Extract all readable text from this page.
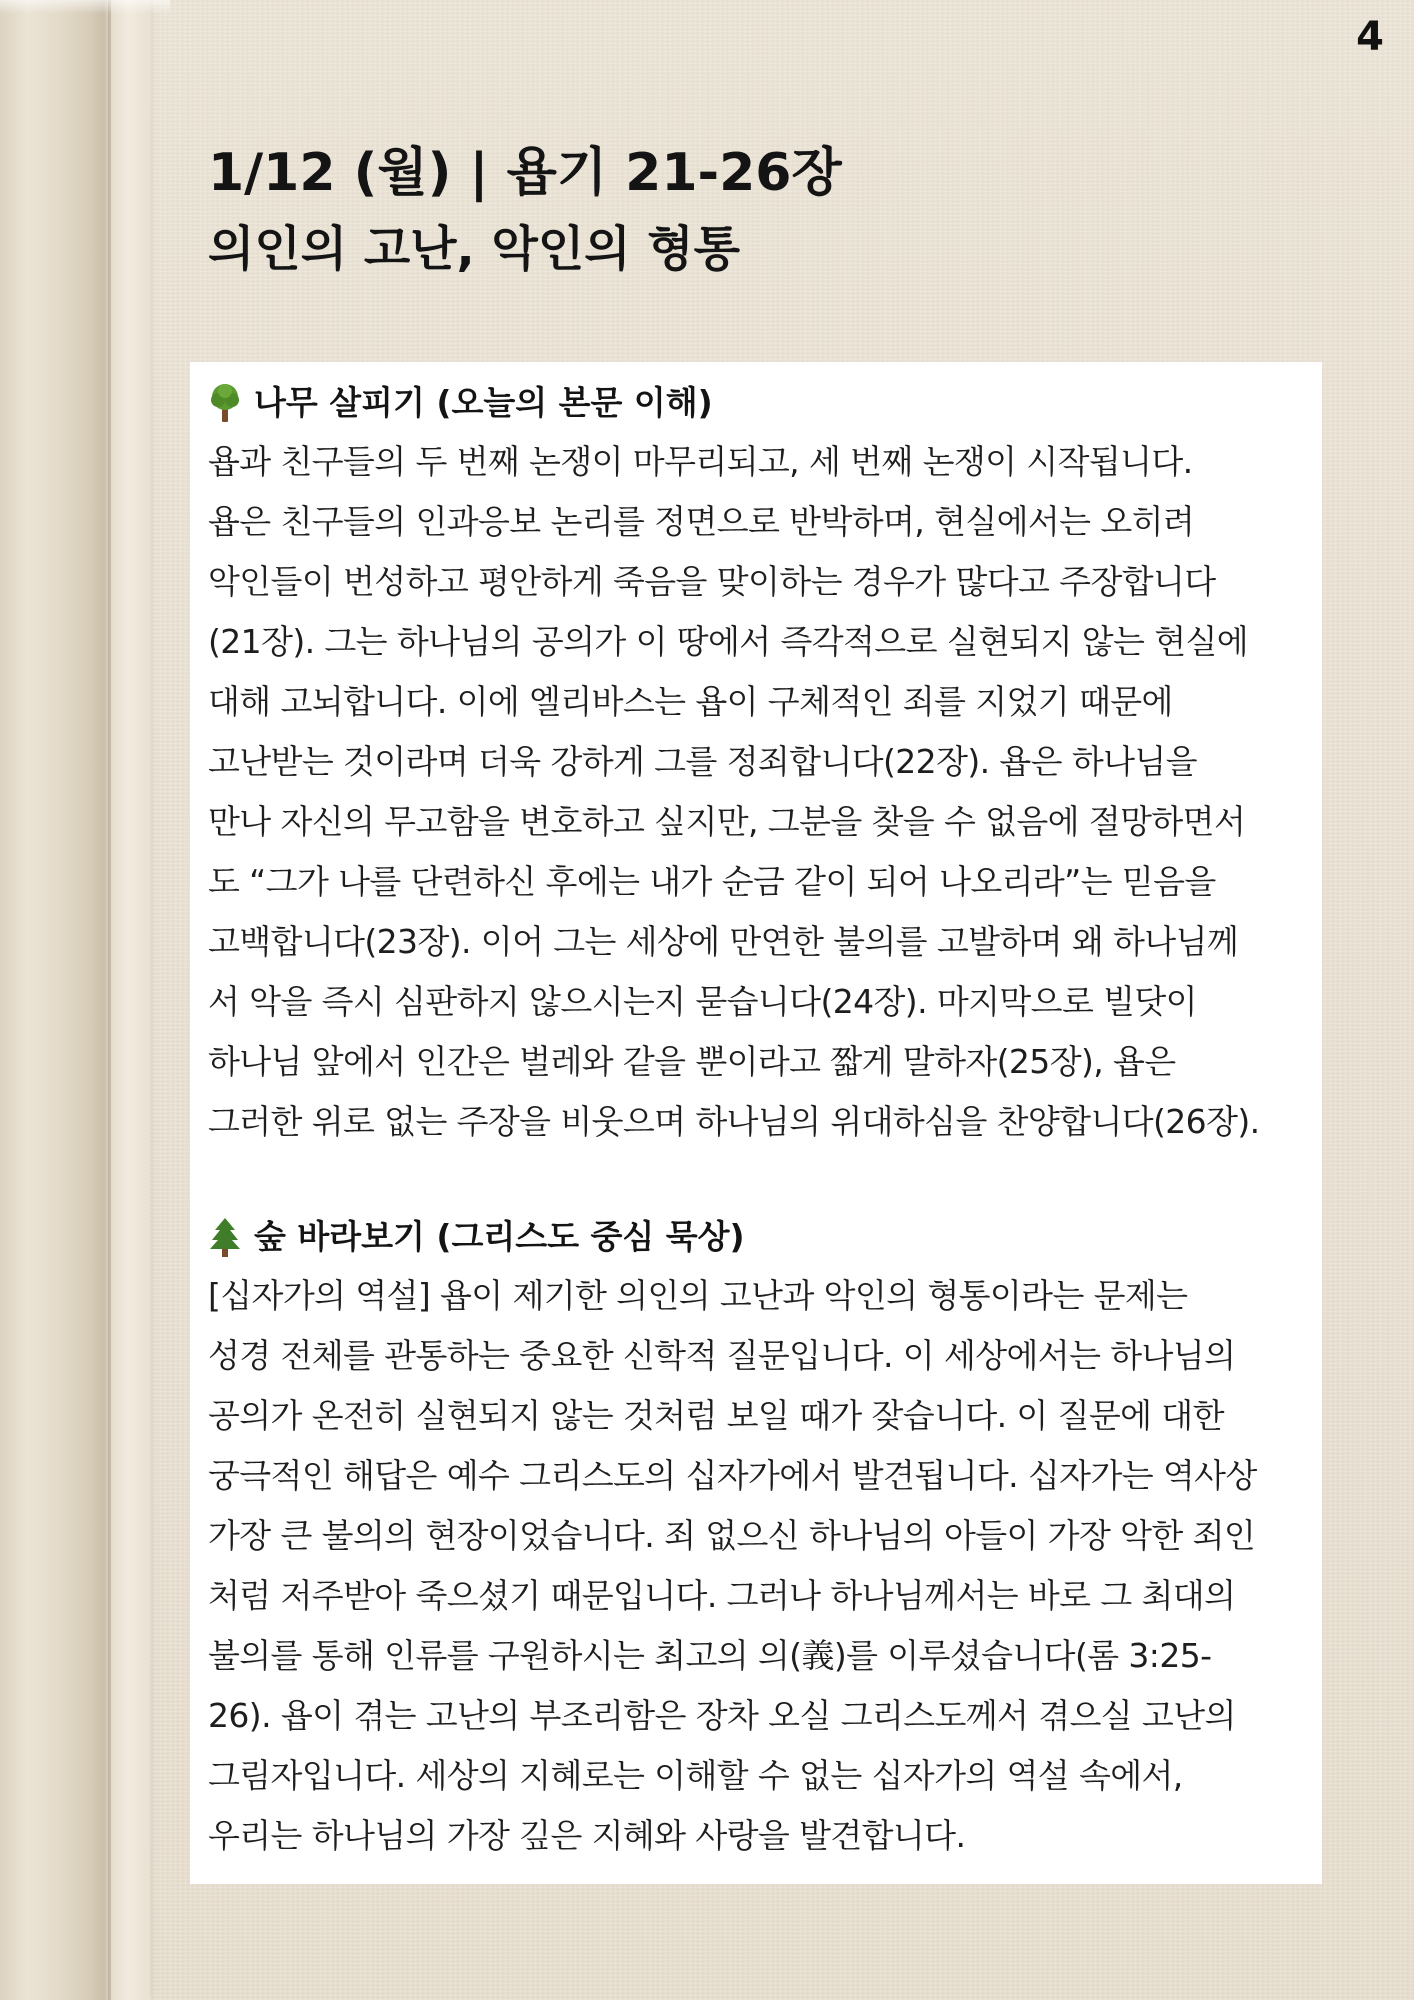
4
1/12 (월) | 욥기 21-26장
의인의 고난, 악인의 형통
나무 살피기 (오늘의 본문 이해)
욥과 친구들의 두 번째 논쟁이 마무리되고, 세 번째 논쟁이 시작됩니다.
욥은 친구들의 인과응보 논리를 정면으로 반박하며, 현실에서는 오히려
악인들이 번성하고 평안하게 죽음을 맞이하는 경우가 많다고 주장합니다
(21장). 그는 하나님의 공의가 이 땅에서 즉각적으로 실현되지 않는 현실에
대해 고뇌합니다. 이에 엘리바스는 욥이 구체적인 죄를 지었기 때문에
고난받는 것이라며 더욱 강하게 그를 정죄합니다(22장). 욥은 하나님을
만나 자신의 무고함을 변호하고 싶지만, 그분을 찾을 수 없음에 절망하면서
도 “그가 나를 단련하신 후에는 내가 순금 같이 되어 나오리라”는 믿음을
고백합니다(23장). 이어 그는 세상에 만연한 불의를 고발하며 왜 하나님께
서 악을 즉시 심판하지 않으시는지 묻습니다(24장). 마지막으로 빌닷이
하나님 앞에서 인간은 벌레와 같을 뿐이라고 짧게 말하자(25장), 욥은
그러한 위로 없는 주장을 비웃으며 하나님의 위대하심을 찬양합니다(26장).
숲 바라보기 (그리스도 중심 묵상)
[십자가의 역설] 욥이 제기한 의인의 고난과 악인의 형통이라는 문제는
성경 전체를 관통하는 중요한 신학적 질문입니다. 이 세상에서는 하나님의
공의가 온전히 실현되지 않는 것처럼 보일 때가 잦습니다. 이 질문에 대한
궁극적인 해답은 예수 그리스도의 십자가에서 발견됩니다. 십자가는 역사상
가장 큰 불의의 현장이었습니다. 죄 없으신 하나님의 아들이 가장 악한 죄인
처럼 저주받아 죽으셨기 때문입니다. 그러나 하나님께서는 바로 그 최대의
불의를 통해 인류를 구원하시는 최고의 의(義)를 이루셨습니다(롬 3:25-
26). 욥이 겪는 고난의 부조리함은 장차 오실 그리스도께서 겪으실 고난의
그림자입니다. 세상의 지혜로는 이해할 수 없는 십자가의 역설 속에서,
우리는 하나님의 가장 깊은 지혜와 사랑을 발견합니다.
